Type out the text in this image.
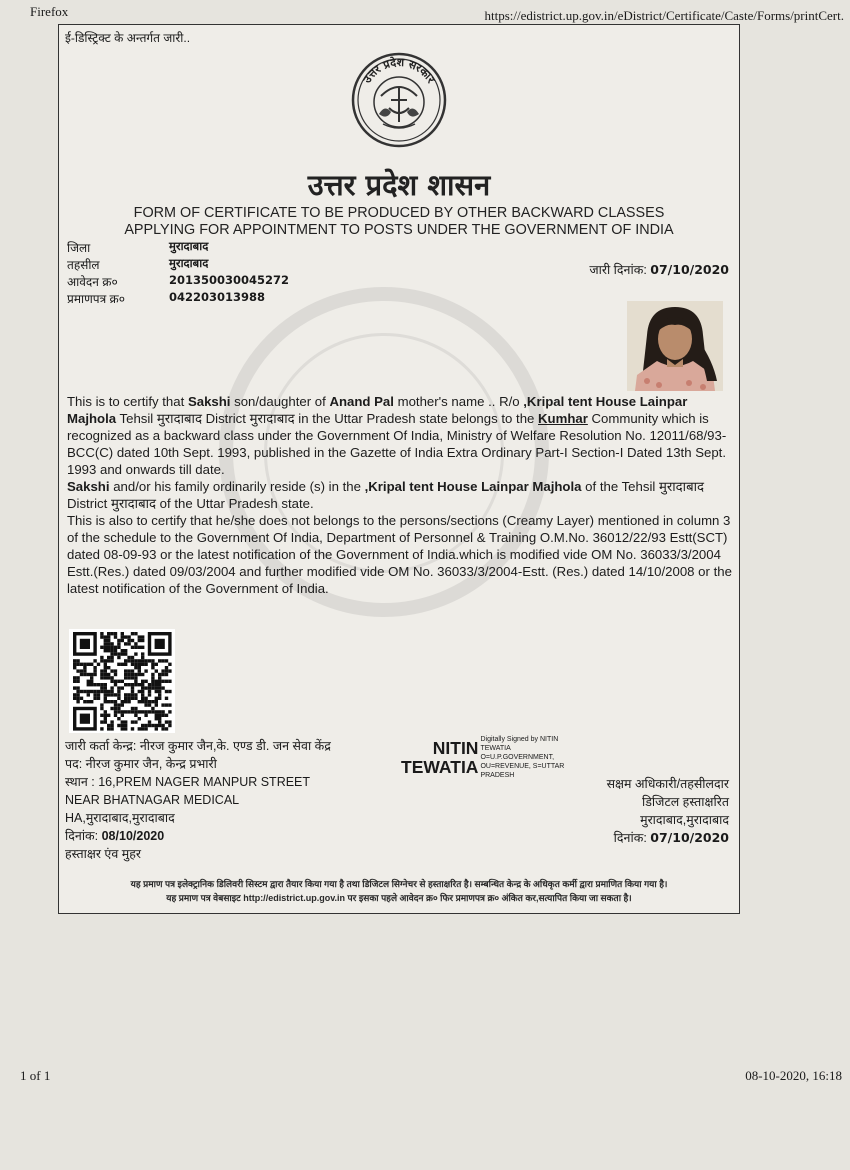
Firefox	https://edistrict.up.gov.in/eDistrict/Certificate/Caste/Forms/printCert.
ई-डिस्ट्रिक्ट के अन्तर्गत जारी..
उत्तर प्रदेश सरकार
उत्तर प्रदेश शासन
FORM OF CERTIFICATE TO BE PRODUCED BY OTHER BACKWARD CLASSES
APPLYING FOR APPOINTMENT TO POSTS UNDER THE GOVERNMENT OF INDIA
जिला	मुरादाबाद
तहसील	मुरादाबाद
आवेदन क्र०	201350030045272
प्रमाणपत्र क्र०	042203013988
जारी दिनांक: 07/10/2020

This is to certify that Sakshi son/daughter of Anand Pal mother's name .. R/o ,Kripal tent House Lainpar Majhola Tehsil मुरादाबाद District मुरादाबाद in the Uttar Pradesh state belongs to the Kumhar Community which is recognized as a backward class under the Government Of India, Ministry of Welfare Resolution No. 12011/68/93-BCC(C) dated 10th Sept. 1993, published in the Gazette of India Extra Ordinary Part-I Section-I Dated 13th Sept. 1993 and onwards till date.

Sakshi and/or his family ordinarily reside (s) in the ,Kripal tent House Lainpar Majhola of the Tehsil मुरादाबाद District मुरादाबाद of the Uttar Pradesh state.

This is also to certify that he/she does not belongs to the persons/sections (Creamy Layer) mentioned in column 3 of the schedule to the Government Of India, Department of Personnel & Training O.M.No. 36012/22/93 Estt(SCT) dated 08-09-93 or the latest notification of the Government of India.which is modified vide OM No. 36033/3/2004 Estt.(Res.) dated 09/03/2004 and further modified vide OM No. 36033/3/2004-Estt. (Res.) dated 14/10/2008 or the latest notification of the Government of India.

जारी कर्ता केन्द्र: नीरज कुमार जैन,के. एण्ड डी. जन सेवा केंद्र
पद: नीरज कुमार जैन, केन्द्र प्रभारी
स्थान : 16,PREM NAGER MANPUR STREET
NEAR BHATNAGAR MEDICAL
HA,मुरादाबाद,मुरादाबाद
दिनांक: 08/10/2020
हस्ताक्षर एंव मुहर
NITIN
TEWATIA
Digitally Signed by NITIN TEWATIA O=U.P.GOVERNMENT, OU=REVENUE, S=UTTAR PRADESH
सक्षम अधिकारी/तहसीलदार
डिजिटल हस्ताक्षरित
मुरादाबाद,मुरादाबाद
दिनांक: 07/10/2020
यह प्रमाण पत्र इलेक्ट्रानिक डिलिवरी सिस्टम द्वारा तैयार किया गया है तथा डिजिटल सिग्नेचर से हस्ताक्षरित है। सम्बन्धित केन्द्र के अधिकृत कर्मी द्वारा प्रमाणित किया गया है।
यह प्रमाण पत्र वेबसाइट http://edistrict.up.gov.in पर इसका पहले आवेदन क्र० फिर प्रमाणपत्र क्र० अंकित कर,सत्यापित किया जा सकता है।
1 of 1	08-10-2020, 16:18
